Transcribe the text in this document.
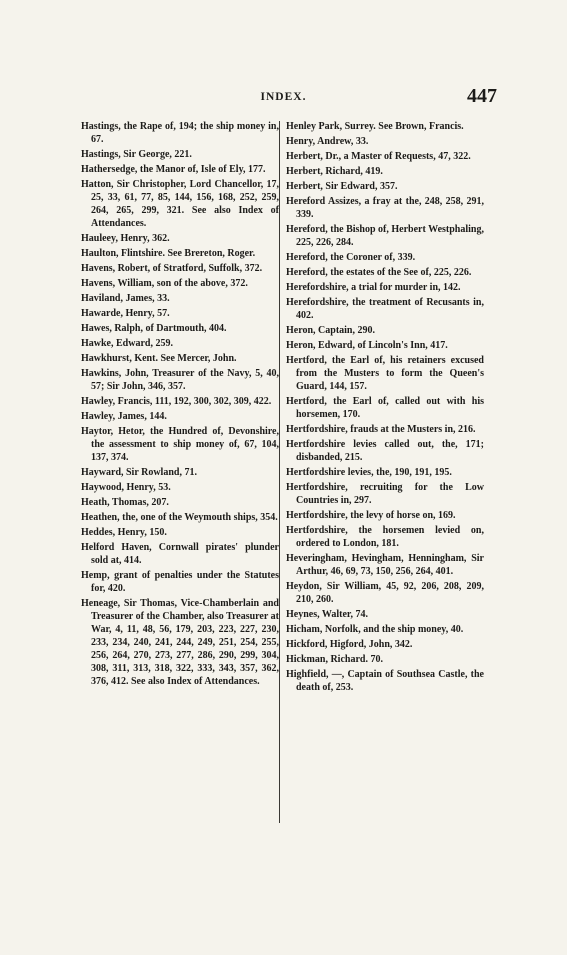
INDEX.	447
Hastings, the Rape of, 194; the ship money in, 67.
Hastings, Sir George, 221.
Hathersedge, the Manor of, Isle of Ely, 177.
Hatton, Sir Christopher, Lord Chancellor, 17, 25, 33, 61, 77, 85, 144, 156, 168, 252, 259, 264, 265, 299, 321. See also Index of Attendances.
Hauleey, Henry, 362.
Haulton, Flintshire. See Brereton, Roger.
Havens, Robert, of Stratford, Suffolk, 372.
Havens, William, son of the above, 372.
Haviland, James, 33.
Hawarde, Henry, 57.
Hawes, Ralph, of Dartmouth, 404.
Hawke, Edward, 259.
Hawkhurst, Kent. See Mercer, John.
Hawkins, John, Treasurer of the Navy, 5, 40, 57; Sir John, 346, 357.
Hawley, Francis, 111, 192, 300, 302, 309, 422.
Hawley, James, 144.
Haytor, Hetor, the Hundred of, Devonshire, the assessment to ship money of, 67, 104, 137, 374.
Hayward, Sir Rowland, 71.
Haywood, Henry, 53.
Heath, Thomas, 207.
Heathen, the, one of the Weymouth ships, 354.
Heddes, Henry, 150.
Helford Haven, Cornwall pirates' plunder sold at, 414.
Hemp, grant of penalties under the Statutes for, 420.
Heneage, Sir Thomas, Vice-Chamberlain and Treasurer of the Chamber, also Treasurer at War, 4, 11, 48, 56, 179, 203, 223, 227, 230, 233, 234, 240, 241, 244, 249, 251, 254, 255, 256, 264, 270, 273, 277, 286, 290, 299, 304, 308, 311, 313, 318, 322, 333, 343, 357, 362, 376, 412. See also Index of Attendances.
Henley Park, Surrey. See Brown, Francis.
Henry, Andrew, 33.
Herbert, Dr., a Master of Requests, 47, 322.
Herbert, Richard, 419.
Herbert, Sir Edward, 357.
Hereford Assizes, a fray at the, 248, 258, 291, 339.
Hereford, the Bishop of, Herbert Westphaling, 225, 226, 284.
Hereford, the Coroner of, 339.
Hereford, the estates of the See of, 225, 226.
Herefordshire, a trial for murder in, 142.
Herefordshire, the treatment of Recusants in, 402.
Heron, Captain, 290.
Heron, Edward, of Lincoln's Inn, 417.
Hertford, the Earl of, his retainers excused from the Musters to form the Queen's Guard, 144, 157.
Hertford, the Earl of, called out with his horsemen, 170.
Hertfordshire, frauds at the Musters in, 216.
Hertfordshire levies called out, the, 171; disbanded, 215.
Hertfordshire levies, the, 190, 191, 195.
Hertfordshire, recruiting for the Low Countries in, 297.
Hertfordshire, the levy of horse on, 169.
Hertfordshire, the horsemen levied on, ordered to London, 181.
Heveringham, Hevingham, Henningham, Sir Arthur, 46, 69, 73, 150, 256, 264, 401.
Heydon, Sir William, 45, 92, 206, 208, 209, 210, 260.
Heynes, Walter, 74.
Hicham, Norfolk, and the ship money, 40.
Hickford, Higford, John, 342.
Hickman, Richard. 70.
Highfield, —, Captain of Southsea Castle, the death of, 253.
